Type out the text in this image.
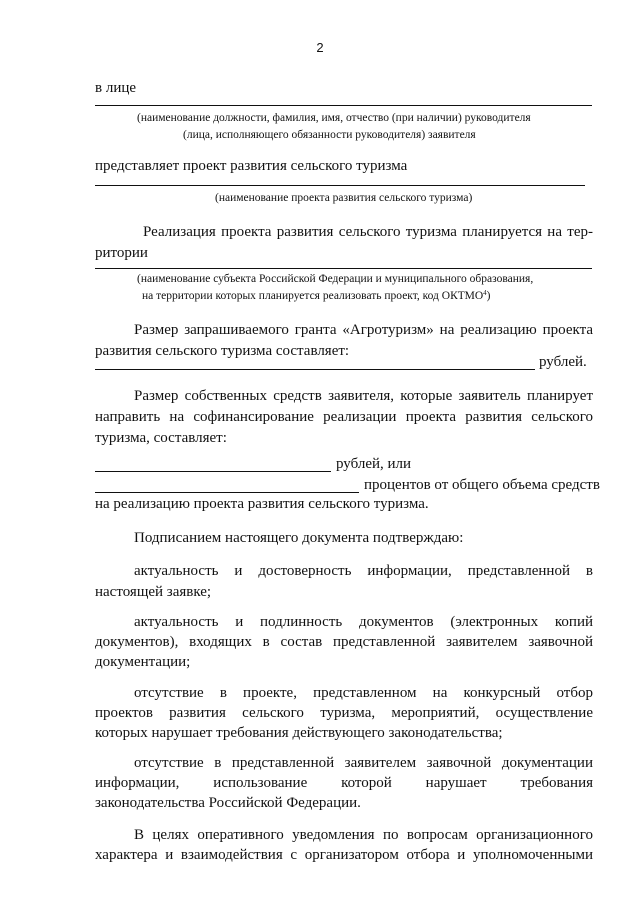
2
в лице
(наименование должности, фамилия, имя, отчество (при наличии) руководителя
(лица, исполняющего обязанности руководителя) заявителя
представляет проект развития сельского туризма
(наименование проекта развития сельского туризма)
Реализация проекта развития сельского туризма планируется на тер-
ритории
(наименование субъекта Российской Федерации и муниципального образования,
на территории которых планируется реализовать проект, код ОКТМО$^4$)
Размер запрашиваемого гранта «Агротуризм» на реализацию проекта
развития сельского туризма составляет:
рублей.
Размер собственных средств заявителя, которые заявитель планирует
направить на софинансирование реализации проекта развития сельского
туризма, составляет:
рублей, или
процентов от общего объема средств
на реализацию проекта развития сельского туризма.
Подписанием настоящего документа подтверждаю:
актуальность и достоверность информации, представленной в
настоящей заявке;
актуальность и подлинность документов (электронных копий
документов), входящих в состав представленной заявителем заявочной
документации;
отсутствие в проекте, представленном на конкурсный отбор
проектов развития сельского туризма, мероприятий, осуществление
которых нарушает требования действующего законодательства;
отсутствие в представленной заявителем заявочной документации
информации, использование которой нарушает требования
законодательства Российской Федерации.
В целях оперативного уведомления по вопросам организационного
характера и взаимодействия с организатором отбора и уполномоченными
